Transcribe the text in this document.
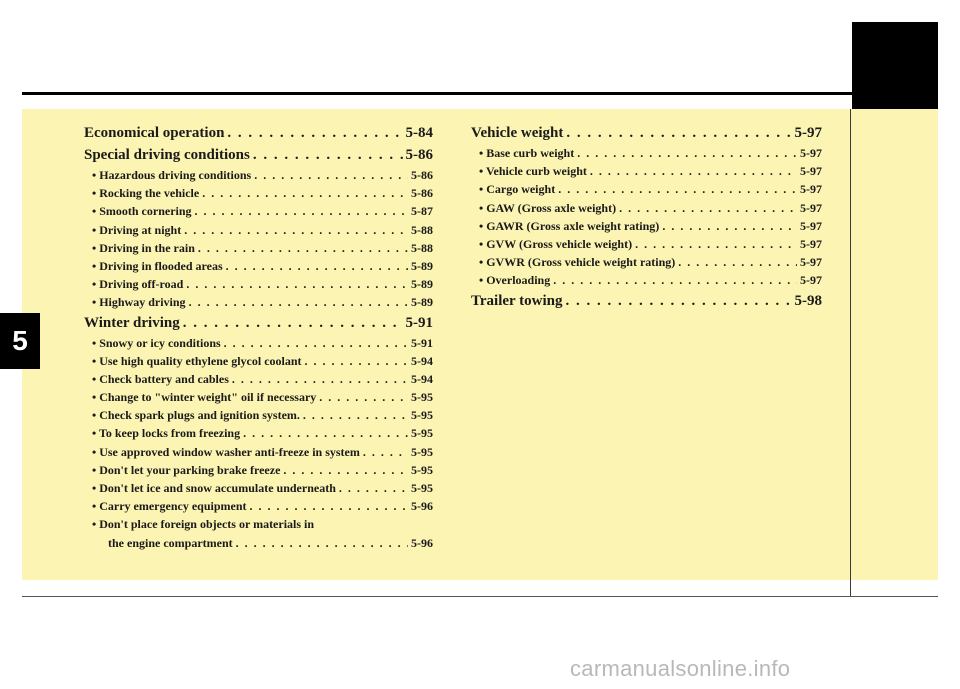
5
Economical operation . . .	5-84
Special driving conditions . . .	5-86
• Hazardous driving conditions . . .	5-86
• Rocking the vehicle . . .	5-86
• Smooth cornering . . .	5-87
• Driving at night . . .	5-88
• Driving in the rain . . .	5-88
• Driving in flooded areas . . .	5-89
• Driving off-road . . .	5-89
• Highway driving . . .	5-89
Winter driving . . .	5-91
• Snowy or icy conditions . . .	5-91
• Use high quality ethylene glycol coolant . . .	5-94
• Check battery and cables . . .	5-94
• Change to "winter weight" oil if necessary . . .	5-95
• Check spark plugs and ignition system. . . .	5-95
• To keep locks from freezing . . .	5-95
• Use approved window washer anti-freeze in system . . .	5-95
• Don't let your parking brake freeze . . .	5-95
• Don't let ice and snow accumulate underneath . . .	5-95
• Carry emergency equipment . . .	5-96
• Don't place foreign objects or materials in
the engine compartment . . .	5-96
Vehicle weight . . .	5-97
• Base curb weight . . .	5-97
• Vehicle curb weight . . .	5-97
• Cargo weight . . .	5-97
• GAW (Gross axle weight) . . .	5-97
• GAWR (Gross axle weight rating) . . .	5-97
• GVW (Gross vehicle weight) . . .	5-97
• GVWR (Gross vehicle weight rating) . . .	5-97
• Overloading . . .	5-97
Trailer towing . . .	5-98
carmanualsonline.info
